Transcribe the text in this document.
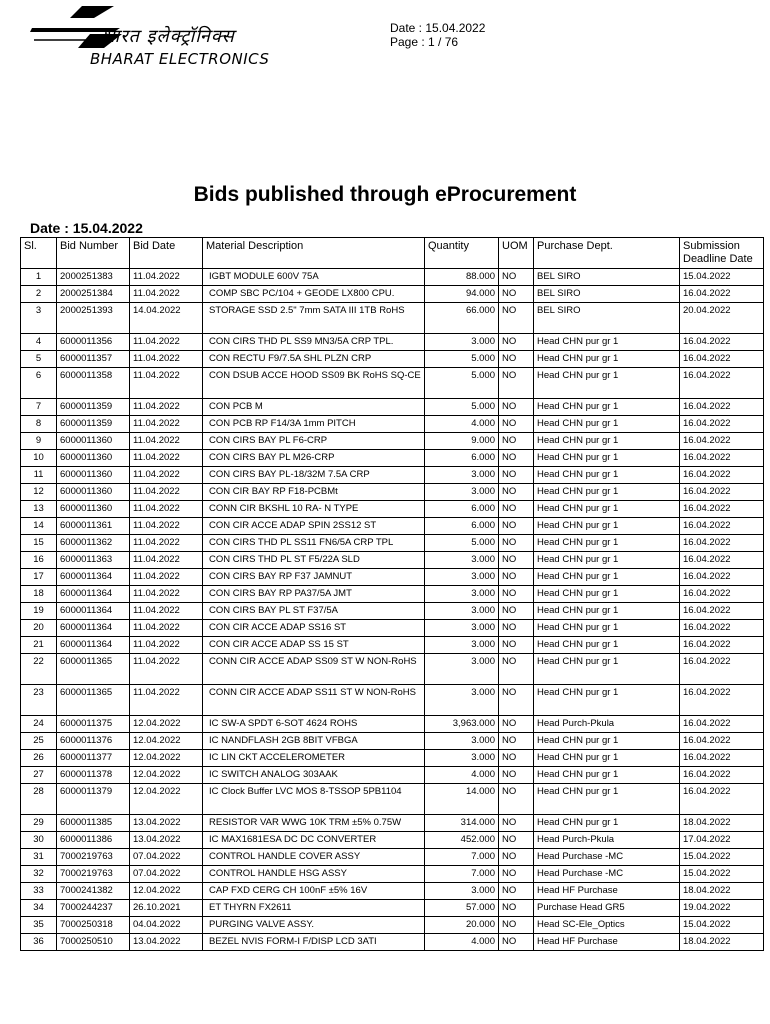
भारत इलेक्ट्रॉनिक्स
BHARAT ELECTRONICS
Date : 15.04.2022
Page : 1 / 76
Bids published through eProcurement
Date : 15.04.2022
Sl.	Bid Number	Bid Date	Material Description	Quantity	UOM	Purchase Dept.	Submission Deadline Date
1	2000251383	11.04.2022	IGBT MODULE 600V 75A	88.000	NO	BEL SIRO	15.04.2022
2	2000251384	11.04.2022	COMP SBC PC/104 + GEODE LX800 CPU.	94.000	NO	BEL SIRO	16.04.2022
3	2000251393	14.04.2022	STORAGE SSD 2.5" 7mm SATA III 1TB RoHS	66.000	NO	BEL SIRO	20.04.2022
4	6000011356	11.04.2022	CON CIRS THD PL SS9 MN3/5A CRP TPL.	3.000	NO	Head CHN pur gr 1	16.04.2022
5	6000011357	11.04.2022	CON RECTU F9/7.5A SHL PLZN CRP	5.000	NO	Head CHN pur gr 1	16.04.2022
6	6000011358	11.04.2022	CON DSUB ACCE HOOD SS09 BK RoHS SQ-CE	5.000	NO	Head CHN pur gr 1	16.04.2022
7	6000011359	11.04.2022	CON PCB M	5.000	NO	Head CHN pur gr 1	16.04.2022
8	6000011359	11.04.2022	CON PCB RP F14/3A 1mm PITCH	4.000	NO	Head CHN pur gr 1	16.04.2022
9	6000011360	11.04.2022	CON CIRS BAY PL F6-CRP	9.000	NO	Head CHN pur gr 1	16.04.2022
10	6000011360	11.04.2022	CON CIRS BAY PL M26-CRP	6.000	NO	Head CHN pur gr 1	16.04.2022
11	6000011360	11.04.2022	CON CIRS BAY PL-18/32M 7.5A CRP	3.000	NO	Head CHN pur gr 1	16.04.2022
12	6000011360	11.04.2022	CON CIR BAY RP F18-PCBMt	3.000	NO	Head CHN pur gr 1	16.04.2022
13	6000011360	11.04.2022	CONN CIR BKSHL 10 RA- N TYPE	6.000	NO	Head CHN pur gr 1	16.04.2022
14	6000011361	11.04.2022	CON CIR ACCE ADAP SPIN 2SS12 ST	6.000	NO	Head CHN pur gr 1	16.04.2022
15	6000011362	11.04.2022	CON CIRS THD PL SS11 FN6/5A CRP TPL	5.000	NO	Head CHN pur gr 1	16.04.2022
16	6000011363	11.04.2022	CON CIRS THD PL ST F5/22A SLD	3.000	NO	Head CHN pur gr 1	16.04.2022
17	6000011364	11.04.2022	CON CIRS BAY RP F37 JAMNUT	3.000	NO	Head CHN pur gr 1	16.04.2022
18	6000011364	11.04.2022	CON CIRS BAY RP PA37/5A JMT	3.000	NO	Head CHN pur gr 1	16.04.2022
19	6000011364	11.04.2022	CON CIRS BAY PL ST F37/5A	3.000	NO	Head CHN pur gr 1	16.04.2022
20	6000011364	11.04.2022	CON CIR ACCE ADAP SS16 ST	3.000	NO	Head CHN pur gr 1	16.04.2022
21	6000011364	11.04.2022	CON CIR ACCE ADAP SS 15 ST	3.000	NO	Head CHN pur gr 1	16.04.2022
22	6000011365	11.04.2022	CONN CIR ACCE ADAP SS09 ST W NON-RoHS	3.000	NO	Head CHN pur gr 1	16.04.2022
23	6000011365	11.04.2022	CONN CIR ACCE ADAP SS11 ST W NON-RoHS	3.000	NO	Head CHN pur gr 1	16.04.2022
24	6000011375	12.04.2022	IC SW-A SPDT 6-SOT 4624 ROHS	3,963.000	NO	Head Purch-Pkula	16.04.2022
25	6000011376	12.04.2022	IC NANDFLASH 2GB 8BIT VFBGA	3.000	NO	Head CHN pur gr 1	16.04.2022
26	6000011377	12.04.2022	IC LIN CKT ACCELEROMETER	3.000	NO	Head CHN pur gr 1	16.04.2022
27	6000011378	12.04.2022	IC SWITCH ANALOG 303AAK	4.000	NO	Head CHN pur gr 1	16.04.2022
28	6000011379	12.04.2022	IC Clock Buffer LVC MOS 8-TSSOP 5PB1104	14.000	NO	Head CHN pur gr 1	16.04.2022
29	6000011385	13.04.2022	RESISTOR VAR WWG 10K TRM ±5% 0.75W	314.000	NO	Head CHN pur gr 1	18.04.2022
30	6000011386	13.04.2022	IC MAX1681ESA DC DC CONVERTER	452.000	NO	Head Purch-Pkula	17.04.2022
31	7000219763	07.04.2022	CONTROL HANDLE COVER ASSY	7.000	NO	Head Purchase -MC	15.04.2022
32	7000219763	07.04.2022	CONTROL HANDLE HSG ASSY	7.000	NO	Head Purchase -MC	15.04.2022
33	7000241382	12.04.2022	CAP FXD CERG CH 100nF ±5% 16V	3.000	NO	Head HF Purchase	18.04.2022
34	7000244237	26.10.2021	ET THYRN FX2611	57.000	NO	Purchase Head GR5	19.04.2022
35	7000250318	04.04.2022	PURGING VALVE ASSY.	20.000	NO	Head SC-Ele_Optics	15.04.2022
36	7000250510	13.04.2022	BEZEL NVIS FORM-I F/DISP LCD 3ATI	4.000	NO	Head HF Purchase	18.04.2022
